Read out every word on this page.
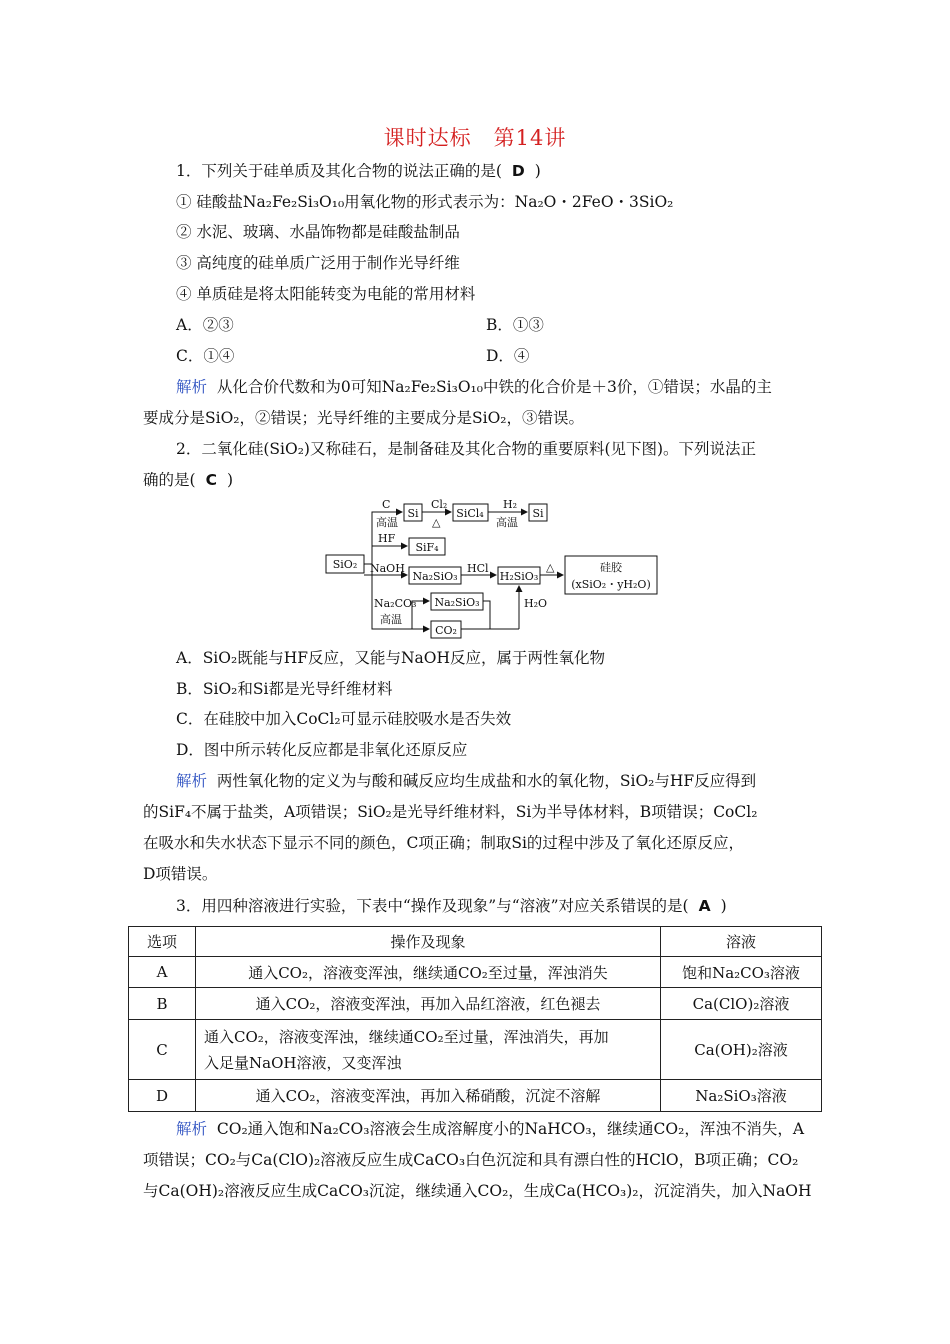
课时达标　第14讲
1．下列关于硅单质及其化合物的说法正确的是( D )
① 硅酸盐Na₂Fe₂Si₃O₁₀用氧化物的形式表示为：Na₂O・2FeO・3SiO₂
② 水泥、玻璃、水晶饰物都是硅酸盐制品
③ 高纯度的硅单质广泛用于制作光导纤维
④ 单质硅是将太阳能转变为电能的常用材料
A．②③	B．①③
C．①④	D．④
解析 从化合价代数和为0可知Na₂Fe₂Si₃O₁₀中铁的化合价是＋3价，①错误；水晶的主
要成分是SiO₂，②错误；光导纤维的主要成分是SiO₂，③错误。
2．二氧化硅(SiO₂)又称硅石，是制备硅及其化合物的重要原料(见下图)。下列说法正
确的是( C )
SiO₂
Si	SiCl₄	Si
SiF₄
Na₂SiO₃	H₂SiO₃
硅胶
(xSiO₂・yH₂O)
Na₂SiO₃
CO₂
C
高温
Cl₂
△
H₂
高温
HF
NaOH	HCl	△
Na₂CO₃
高温
H₂O
A．SiO₂既能与HF反应，又能与NaOH反应，属于两性氧化物
B．SiO₂和Si都是光导纤维材料
C．在硅胶中加入CoCl₂可显示硅胶吸水是否失效
D．图中所示转化反应都是非氧化还原反应
解析 两性氧化物的定义为与酸和碱反应均生成盐和水的氧化物，SiO₂与HF反应得到
的SiF₄不属于盐类，A项错误；SiO₂是光导纤维材料，Si为半导体材料，B项错误；CoCl₂
在吸水和失水状态下显示不同的颜色，C项正确；制取Si的过程中涉及了氧化还原反应，
D项错误。
3．用四种溶液进行实验，下表中“操作及现象”与“溶液”对应关系错误的是( A )
选项	操作及现象	溶液
A	通入CO₂，溶液变浑浊，继续通CO₂至过量，浑浊消失	饱和Na₂CO₃溶液
B	通入CO₂，溶液变浑浊，再加入品红溶液，红色褪去	Ca(ClO)₂溶液
C	通入CO₂，溶液变浑浊，继续通CO₂至过量，浑浊消失，再加
入足量NaOH溶液，又变浑浊	Ca(OH)₂溶液
D	通入CO₂，溶液变浑浊，再加入稀硝酸，沉淀不溶解	Na₂SiO₃溶液
解析 CO₂通入饱和Na₂CO₃溶液会生成溶解度小的NaHCO₃，继续通CO₂，浑浊不消失，A
项错误；CO₂与Ca(ClO)₂溶液反应生成CaCO₃白色沉淀和具有漂白性的HClO，B项正确；CO₂
与Ca(OH)₂溶液反应生成CaCO₃沉淀，继续通入CO₂，生成Ca(HCO₃)₂，沉淀消失，加入NaOH
